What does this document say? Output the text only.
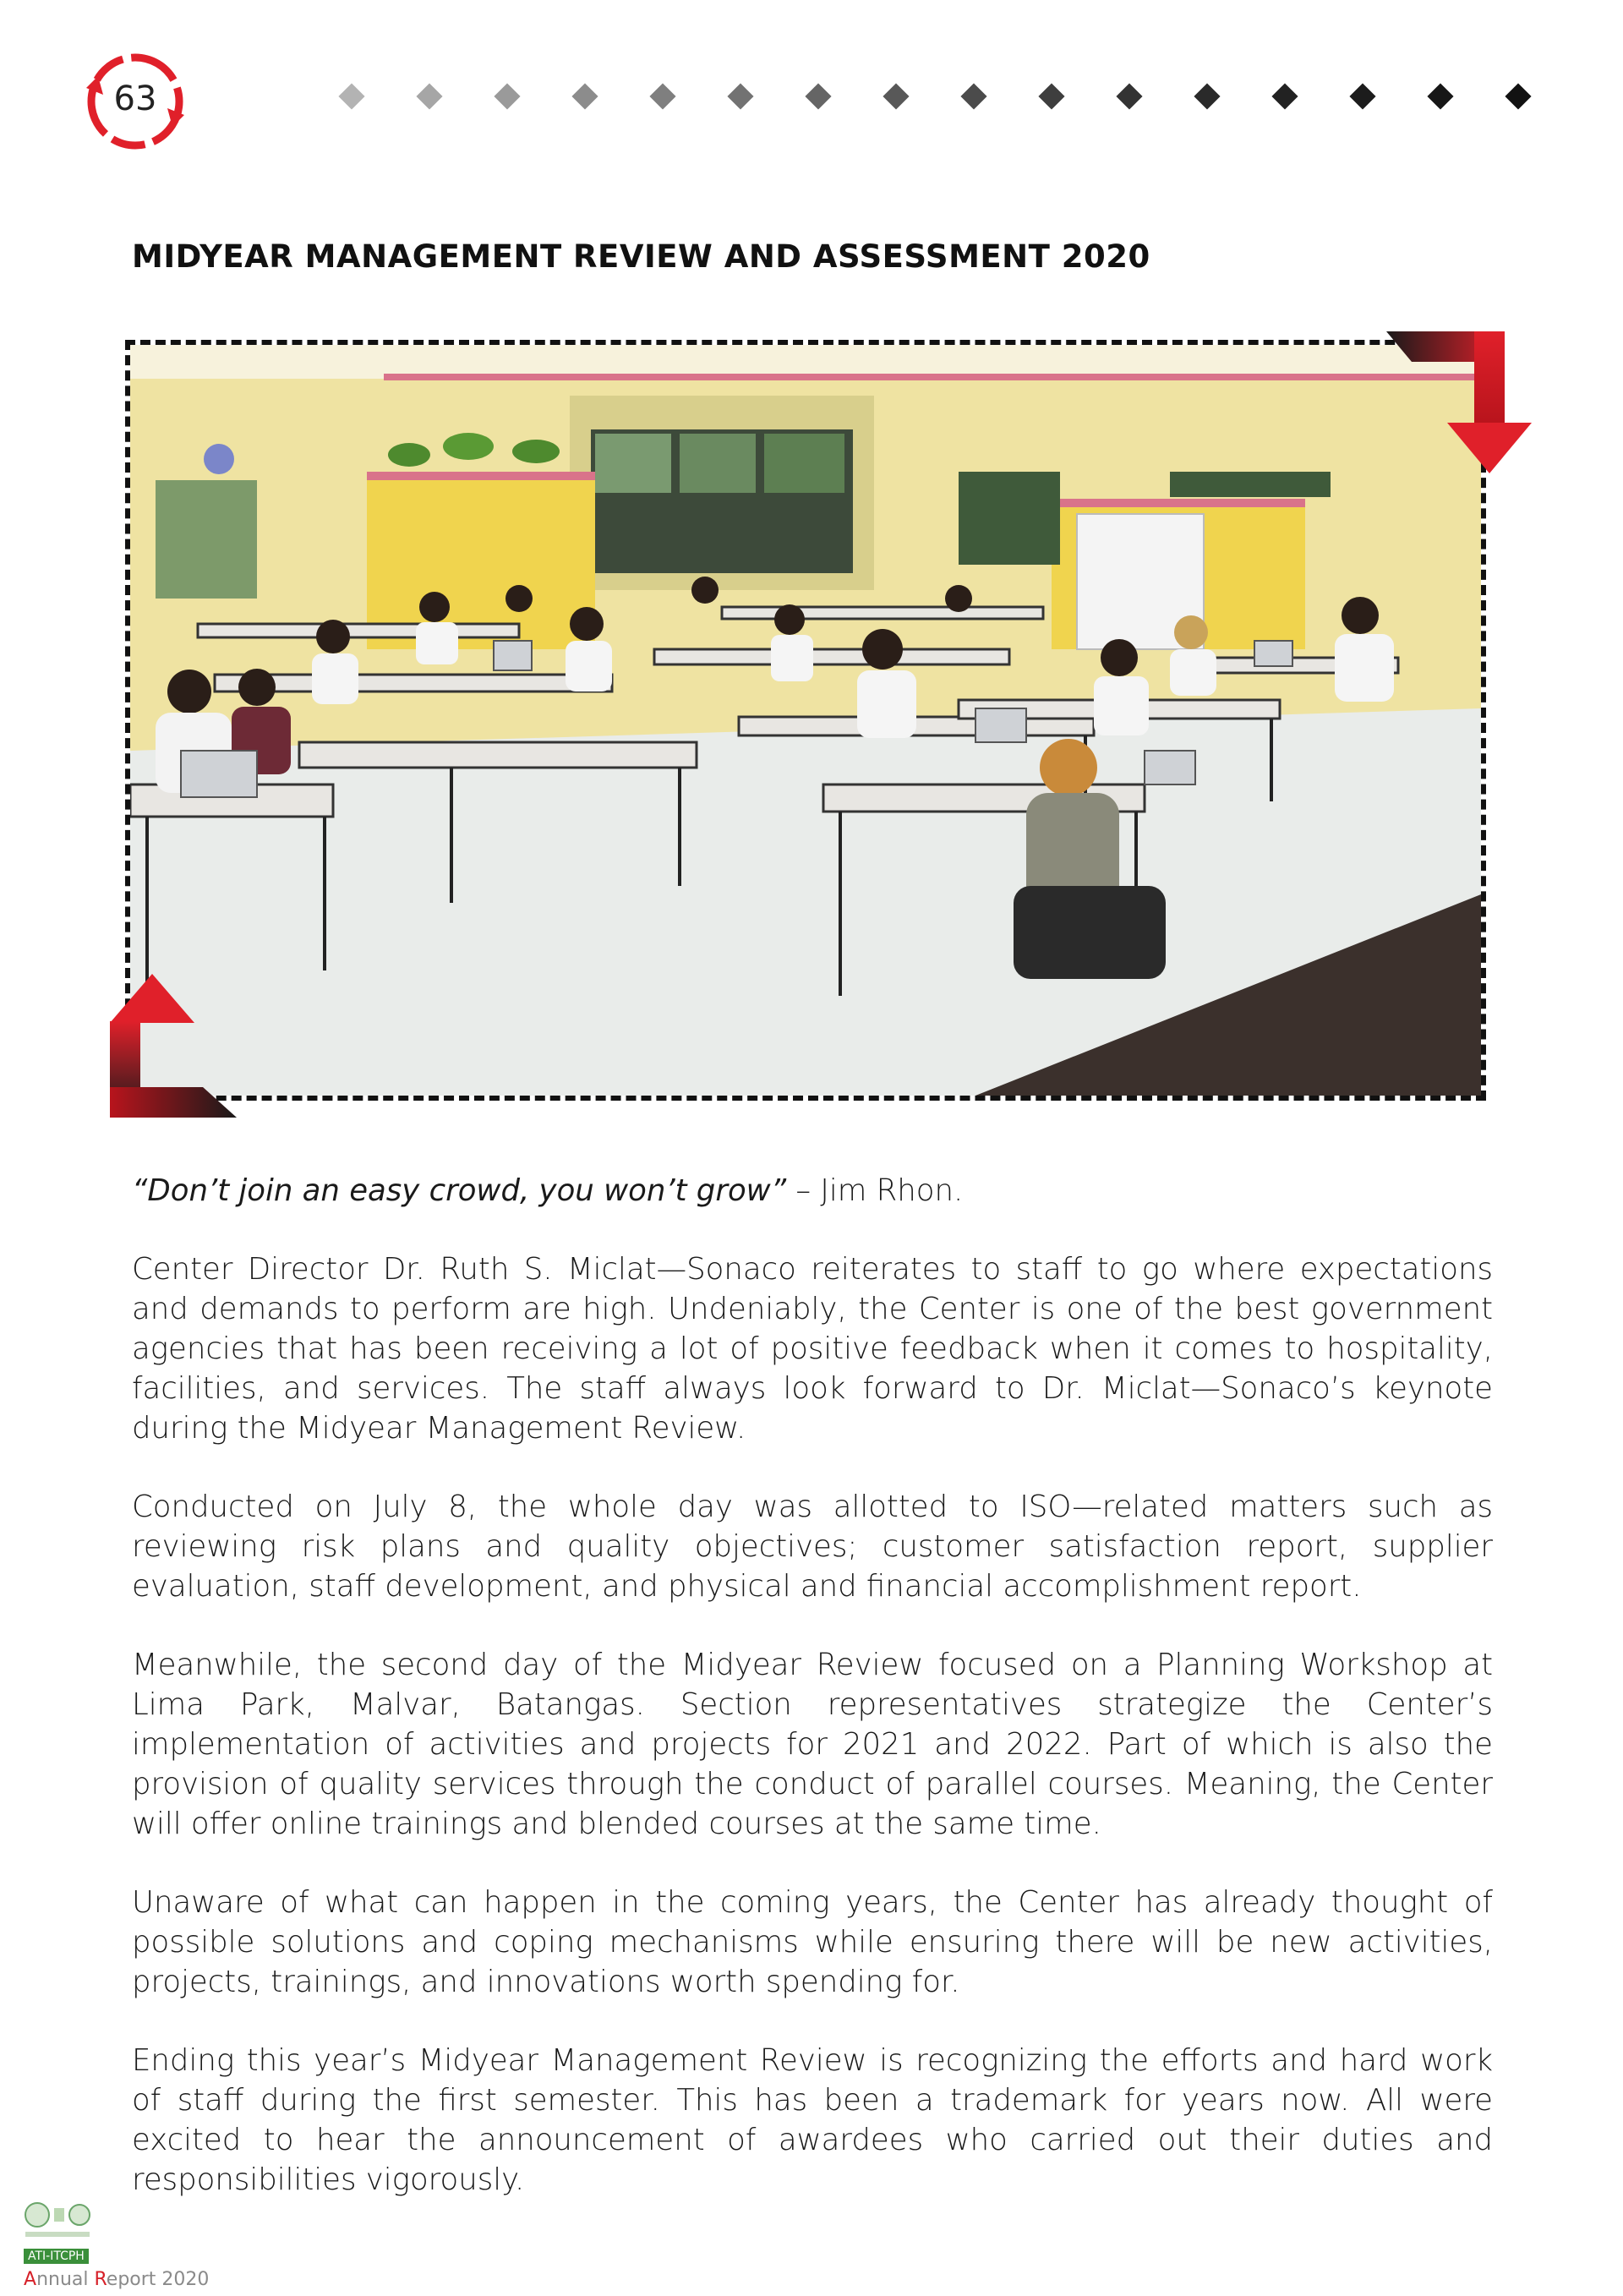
63
MIDYEAR MANAGEMENT REVIEW AND ASSESSMENT 2020

“Don’t join an easy crowd, you won’t grow” – Jim Rhon.

Center Director Dr. Ruth S. Miclat—Sonaco reiterates to staff to go where expectations and demands to perform are high. Undeniably, the Center is one of the best government agencies that has been receiving a lot of positive feedback when it comes to hospitality, facilities, and services. The staff always look forward to Dr. Miclat—Sonaco’s keynote during the Midyear Management Review.

Conducted on July 8, the whole day was allotted to ISO—related matters such as reviewing risk plans and quality objectives; customer satisfaction report, supplier evaluation, staff development, and physical and financial accomplishment report.

Meanwhile, the second day of the Midyear Review focused on a Planning Workshop at Lima Park, Malvar, Batangas. Section representatives strategize the Center’s implementation of activities and projects for 2021 and 2022. Part of which is also the provision of quality services through the conduct of parallel courses. Meaning, the Center will offer online trainings and blended courses at the same time.

Unaware of what can happen in the coming years, the Center has already thought of possible solutions and coping mechanisms while ensuring there will be new activities, projects, trainings, and innovations worth spending for.

Ending this year’s Midyear Management Review is recognizing the efforts and hard work of staff during the first semester. This has been a trademark for years now. All were excited to hear the announcement of awardees who carried out their duties and responsibilities vigorously.

ATI-ITCPH
Annual Report 2020
